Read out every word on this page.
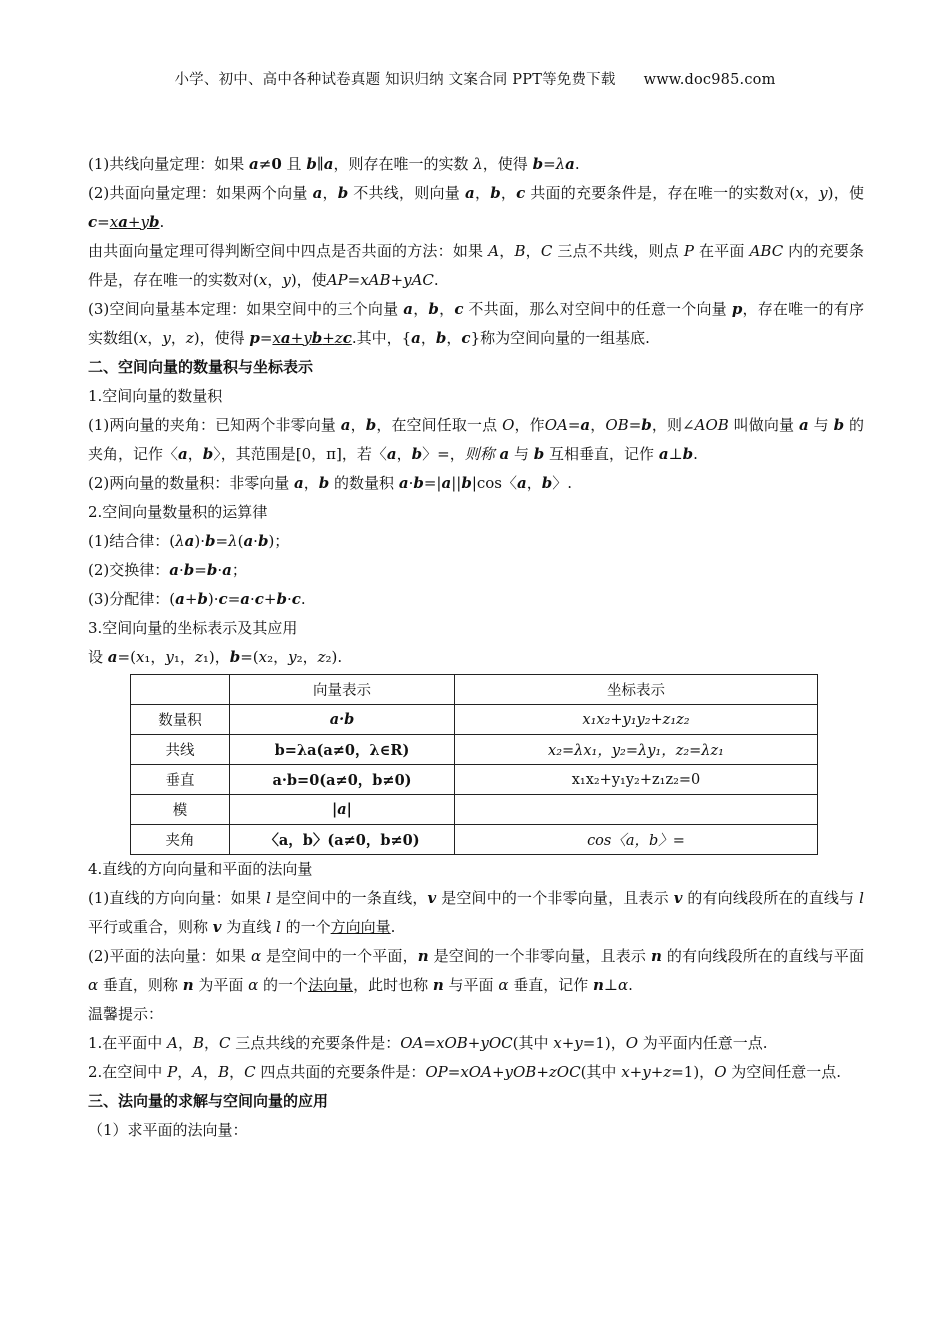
小学、初中、高中各种试卷真题 知识归纳 文案合同 PPT等免费下载 www.doc985.com

(1)共线向量定理：如果 a≠0 且 b∥a，则存在唯一的实数 λ，使得 b=λa.

(2)共面向量定理：如果两个向量 a，b 不共线，则向量 a，b，c 共面的充要条件是，存在唯一的实数对(x，y)，使 c=xa+yb.

由共面向量定理可得判断空间中四点是否共面的方法：如果 A，B，C 三点不共线，则点 P 在平面 ABC 内的充要条件是，存在唯一的实数对(x，y)，使AP=xAB+yAC.

(3)空间向量基本定理：如果空间中的三个向量 a，b，c 不共面，那么对空间中的任意一个向量 p，存在唯一的有序实数组(x，y，z)，使得 p=xa+yb+zc.其中，{a，b，c}称为空间向量的一组基底.

二、空间向量的数量积与坐标表示

1.空间向量的数量积

(1)两向量的夹角：已知两个非零向量 a，b，在空间任取一点 O，作OA=a，OB=b，则∠AOB 叫做向量 a 与 b 的夹角，记作〈a，b〉，其范围是[0，π]，若〈a，b〉=，则称 a 与 b 互相垂直，记作 a⊥b.

(2)两向量的数量积：非零向量 a，b 的数量积 a·b=|a||b|cos〈a，b〉.

2.空间向量数量积的运算律

(1)结合律：(λa)·b=λ(a·b)；

(2)交换律：a·b=b·a；

(3)分配律：(a+b)·c=a·c+b·c.

3.空间向量的坐标表示及其应用

设 a=(x₁，y₁，z₁)，b=(x₂，y₂，z₂).

	向量表示	坐标表示
数量积	a·b	x₁x₂+y₁y₂+z₁z₂
共线	b=λa(a≠0，λ∈R)	x₂=λx₁，y₂=λy₁，z₂=λz₁
垂直	a·b=0(a≠0，b≠0)	x₁x₂+y₁y₂+z₁z₂=0
模	|a|	
夹角	〈a，b〉(a≠0，b≠0)	cos〈a，b〉=

4.直线的方向向量和平面的法向量

(1)直线的方向向量：如果 l 是空间中的一条直线，v 是空间中的一个非零向量，且表示 v 的有向线段所在的直线与 l 平行或重合，则称 v 为直线 l 的一个方向向量.

(2)平面的法向量：如果 α 是空间中的一个平面，n 是空间的一个非零向量，且表示 n 的有向线段所在的直线与平面 α 垂直，则称 n 为平面 α 的一个法向量，此时也称 n 与平面 α 垂直，记作 n⊥α.

温馨提示：

1.在平面中 A，B，C 三点共线的充要条件是：OA=xOB+yOC(其中 x+y=1)，O 为平面内任意一点.

2.在空间中 P，A，B，C 四点共面的充要条件是：OP=xOA+yOB+zOC(其中 x+y+z=1)，O 为空间任意一点.

三、法向量的求解与空间向量的应用

（1）求平面的法向量：
